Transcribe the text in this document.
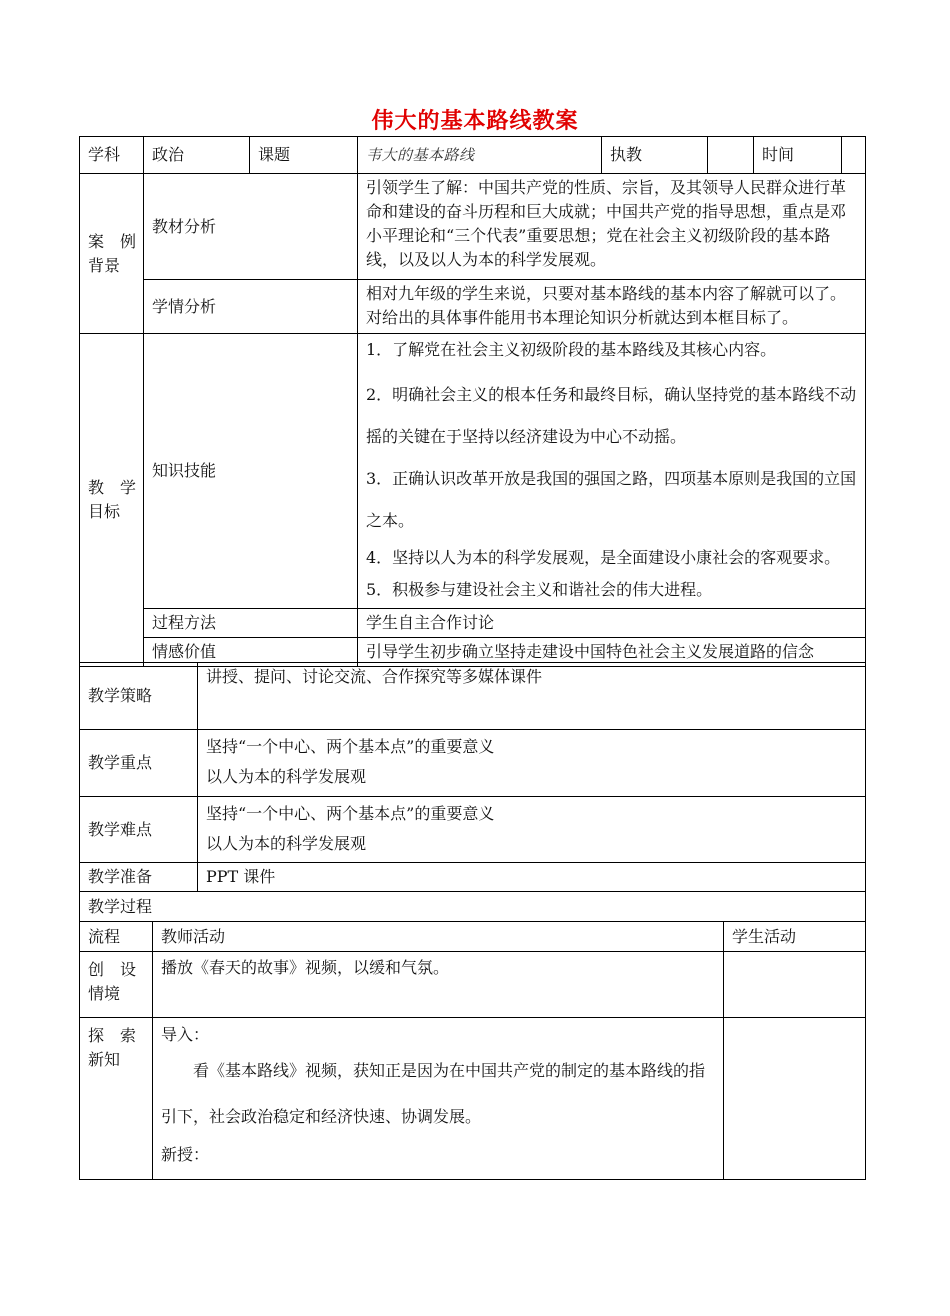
伟大的基本路线教案
学科	政治	课题	韦大的基本路线	执教		时间	

案 例 背景	教材分析		引领学生了解：中国共产党的性质、宗旨，及其领导人民群众进行革命和建设的奋斗历程和巨大成就；中国共产党的指导思想，重点是邓小平理论和“三个代表”重要思想；党在社会主义初级阶段的基本路线，以及以人为本的科学发展观。				
	学情分析		相对九年级的学生来说，只要对基本路线的基本内容了解就可以了。对给出的具体事件能用书本理论知识分析就达到本框目标了。				

教 学 目标	知识技能		1．了解党在社会主义初级阶段的基本路线及其核心内容。

2．明确社会主义的根本任务和最终目标，确认坚持党的基本路线不动摇的关键在于坚持以经济建设为中心不动摇。

3．正确认识改革开放是我国的强国之路，四项基本原则是我国的立国之本。

4．坚持以人为本的科学发展观，是全面建设小康社会的客观要求。

5．积极参与建设社会主义和谐社会的伟大进程。				

	过程方法		学生自主合作讨论				
	情感价值		引导学生初步确立坚持走建设中国特色社会主义发展道路的信念				
教学策略	讲授、提问、讨论交流、合作探究等多媒体课件
教学重点	坚持“一个中心、两个基本点”的重要意义

以人为本的科学发展观

教学难点	坚持“一个中心、两个基本点”的重要意义

以人为本的科学发展观

教学准备	PPT 课件
教学过程		
流程	教师活动	学生活动

创 设 情境	播放《春天的故事》视频，以缓和气氛。	

探 索 新知	导入：

看《基本路线》视频，获知正是因为在中国共产党的制定的基本路线的指引下，社会政治稳定和经济快速、协调发展。

新授：	
